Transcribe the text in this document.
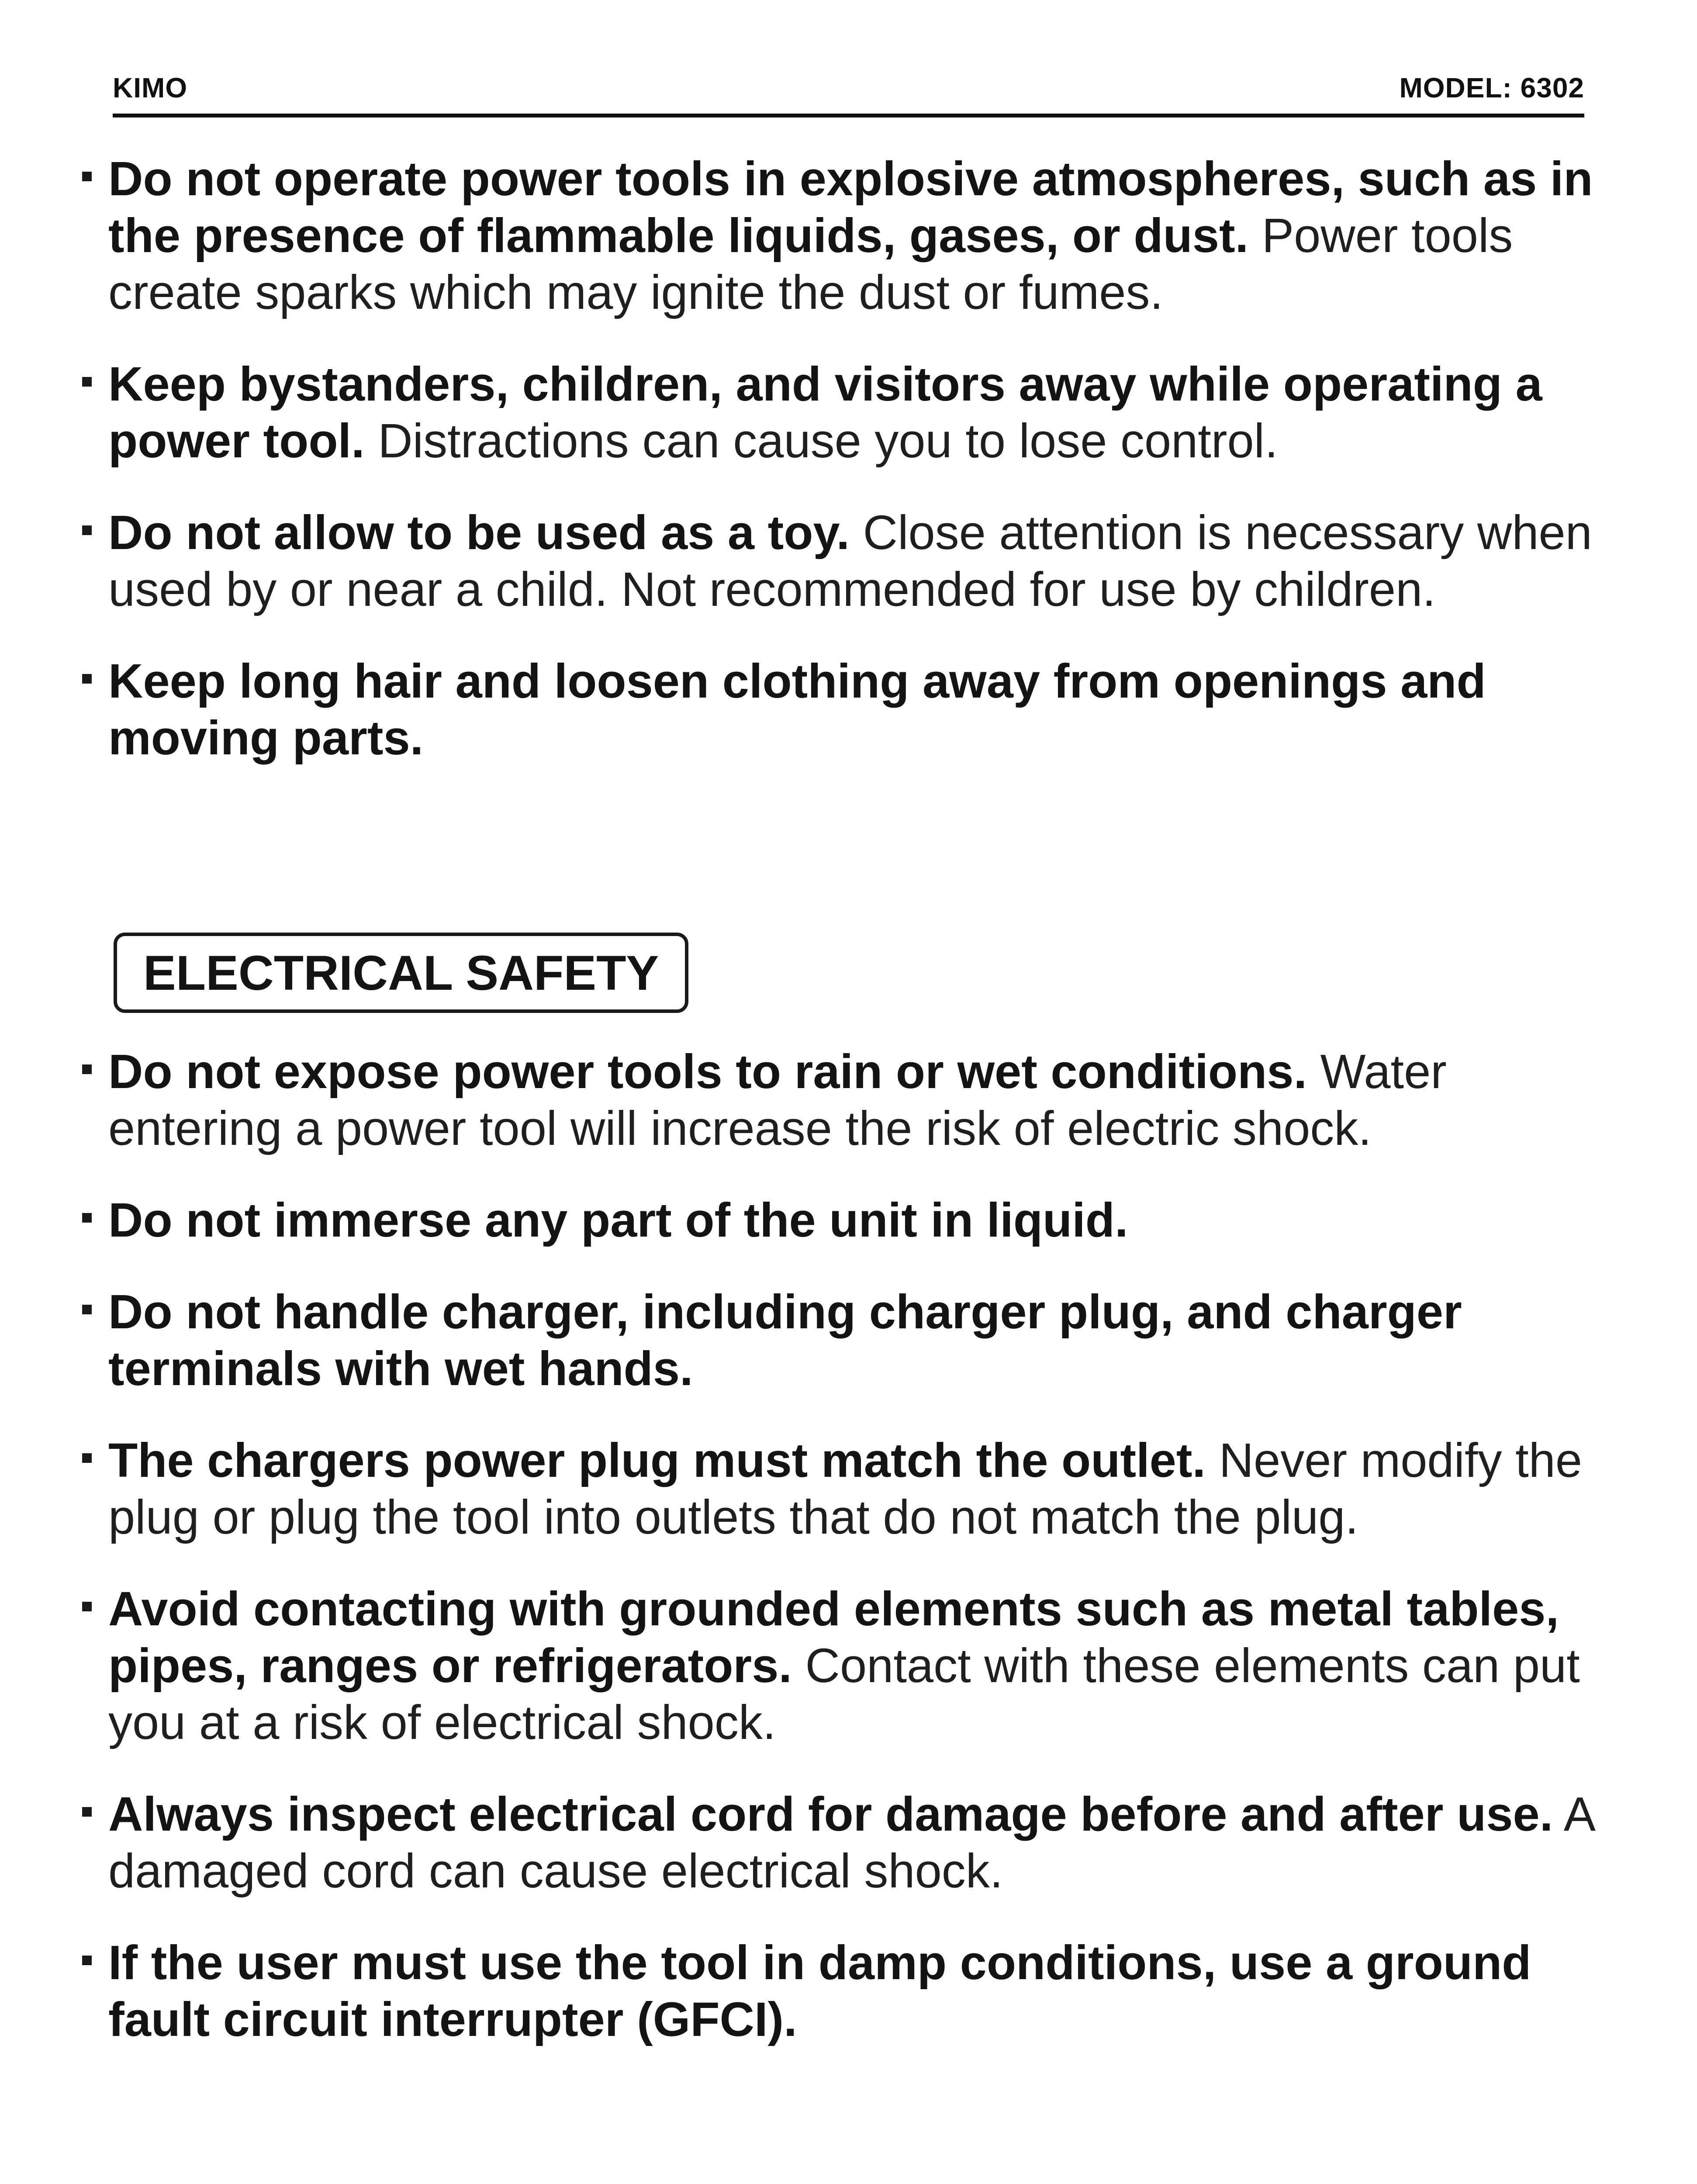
KIMO	MODEL: 6302
Do not operate power tools in explosive atmospheres, such as in the presence of flammable liquids, gases, or dust. Power tools create sparks which may ignite the dust or fumes.
Keep bystanders, children, and visitors away while operating a power tool. Distractions can cause you to lose control.
Do not allow to be used as a toy. Close attention is necessary when used by or near a child. Not recommended for use by children.
Keep long hair and loosen clothing away from openings and moving parts.
ELECTRICAL SAFETY
Do not expose power tools to rain or wet conditions. Water entering a power tool will increase the risk of electric shock.
Do not immerse any part of the unit in liquid.
Do not handle charger, including charger plug, and charger terminals with wet hands.
The chargers power plug must match the outlet. Never modify the plug or plug the tool into outlets that do not match the plug.
Avoid contacting with grounded elements such as metal tables, pipes, ranges or refrigerators. Contact with these elements can put you at a risk of electrical shock.
Always inspect electrical cord for damage before and after use. A damaged cord can cause electrical shock.
If the user must use the tool in damp conditions, use a ground fault circuit interrupter (GFCI).
